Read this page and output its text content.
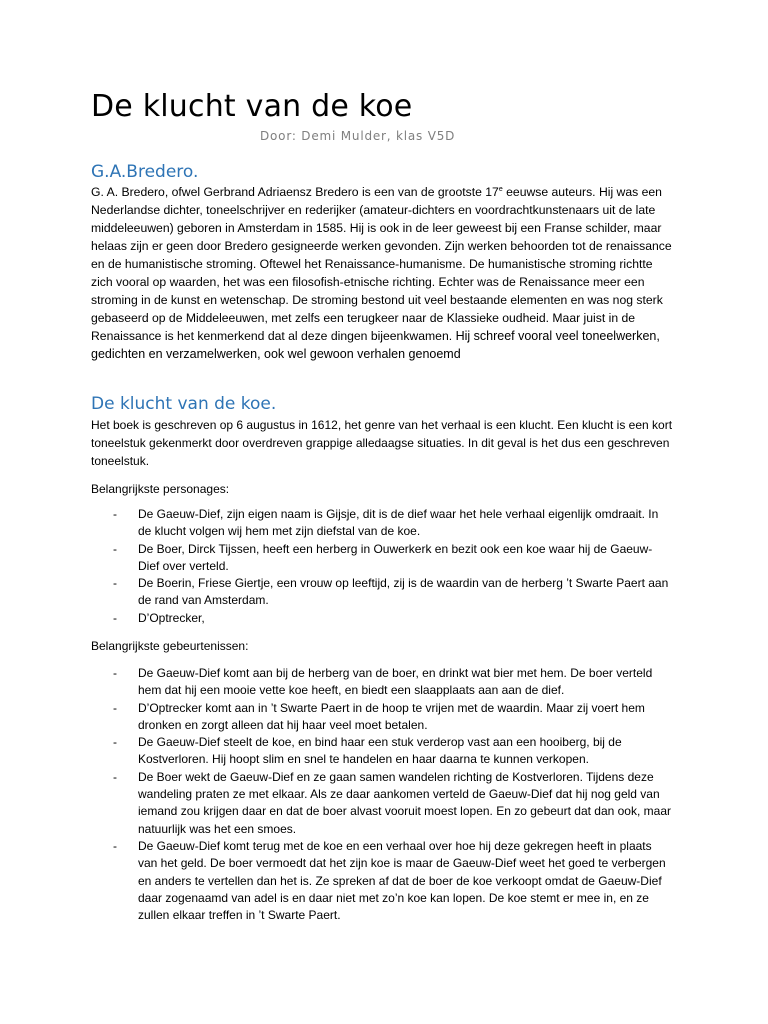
De klucht van de koe
Door: Demi Mulder, klas V5D
G.A.Bredero.
G. A. Bredero, ofwel Gerbrand Adriaensz Bredero is een van de grootste 17e eeuwse auteurs. Hij was een Nederlandse dichter, toneelschrijver en rederijker (amateur-dichters en voordrachtkunstenaars uit de late middeleeuwen) geboren in Amsterdam in 1585. Hij is ook in de leer geweest bij een Franse schilder, maar helaas zijn er geen door Bredero gesigneerde werken gevonden. Zijn werken behoorden tot de renaissance en de humanistische stroming. Oftewel het Renaissance-humanisme. De humanistische stroming richtte zich vooral op waarden, het was een filosofish-etnische richting. Echter was de Renaissance meer een stroming in de kunst en wetenschap. De stroming bestond uit veel bestaande elementen en was nog sterk gebaseerd op de Middeleeuwen, met zelfs een terugkeer naar de Klassieke oudheid. Maar juist in de Renaissance is het kenmerkend dat al deze dingen bijeenkwamen. Hij schreef vooral veel toneelwerken, gedichten en verzamelwerken, ook wel gewoon verhalen genoemd
De klucht van de koe.
Het boek is geschreven op 6 augustus in 1612, het genre van het verhaal is een klucht. Een klucht is een kort toneelstuk gekenmerkt door overdreven grappige alledaagse situaties. In dit geval is het dus een geschreven toneelstuk.
Belangrijkste personages:
- De Gaeuw-Dief, zijn eigen naam is Gijsje, dit is de dief waar het hele verhaal eigenlijk omdraait. In de klucht volgen wij hem met zijn diefstal van de koe.
- De Boer, Dirck Tijssen, heeft een herberg in Ouwerkerk en bezit ook een koe waar hij de Gaeuw-Dief over verteld.
- De Boerin, Friese Giertje, een vrouw op leeftijd, zij is de waardin van de herberg ’t Swarte Paert aan de rand van Amsterdam.
- D’Optrecker,
Belangrijkste gebeurtenissen:
- De Gaeuw-Dief komt aan bij de herberg van de boer, en drinkt wat bier met hem. De boer verteld hem dat hij een mooie vette koe heeft, en biedt een slaapplaats aan aan de dief.
- D’Optrecker komt aan in ’t Swarte Paert in de hoop te vrijen met de waardin. Maar zij voert hem dronken en zorgt alleen dat hij haar veel moet betalen.
- De Gaeuw-Dief steelt de koe, en bind haar een stuk verderop vast aan een hooiberg, bij de Kostverloren. Hij hoopt slim en snel te handelen en haar daarna te kunnen verkopen.
- De Boer wekt de Gaeuw-Dief en ze gaan samen wandelen richting de Kostverloren. Tijdens deze wandeling praten ze met elkaar. Als ze daar aankomen verteld de Gaeuw-Dief dat hij nog geld van iemand zou krijgen daar en dat de boer alvast vooruit moest lopen. En zo gebeurt dat dan ook, maar natuurlijk was het een smoes.
- De Gaeuw-Dief komt terug met de koe en een verhaal over hoe hij deze gekregen heeft in plaats van het geld. De boer vermoedt dat het zijn koe is maar de Gaeuw-Dief weet het goed te verbergen en anders te vertellen dan het is. Ze spreken af dat de boer de koe verkoopt omdat de Gaeuw-Dief daar zogenaamd van adel is en daar niet met zo’n koe kan lopen. De koe stemt er mee in, en ze zullen elkaar treffen in ’t Swarte Paert.
